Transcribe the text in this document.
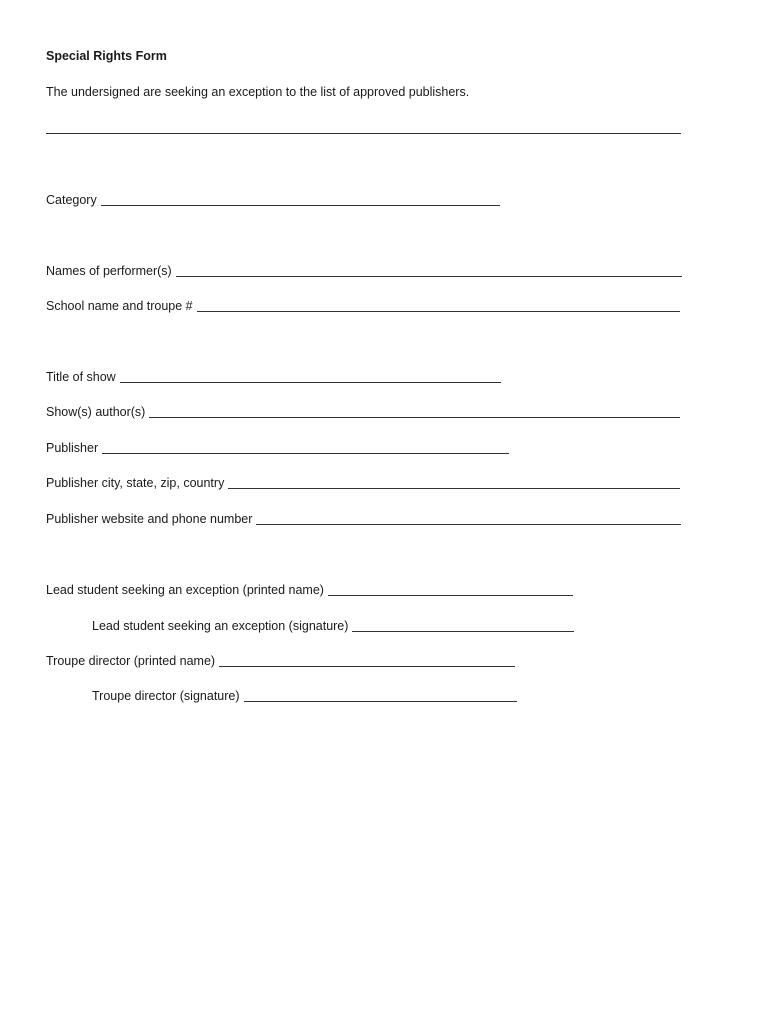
Special Rights Form
The undersigned are seeking an exception to the list of approved publishers.
Category
Names of performer(s)
School name and troupe #
Title of show
Show(s) author(s)
Publisher
Publisher city, state, zip, country
Publisher website and phone number
Lead student seeking an exception (printed name)
Lead student seeking an exception (signature)
Troupe director (printed name)
Troupe director (signature)
